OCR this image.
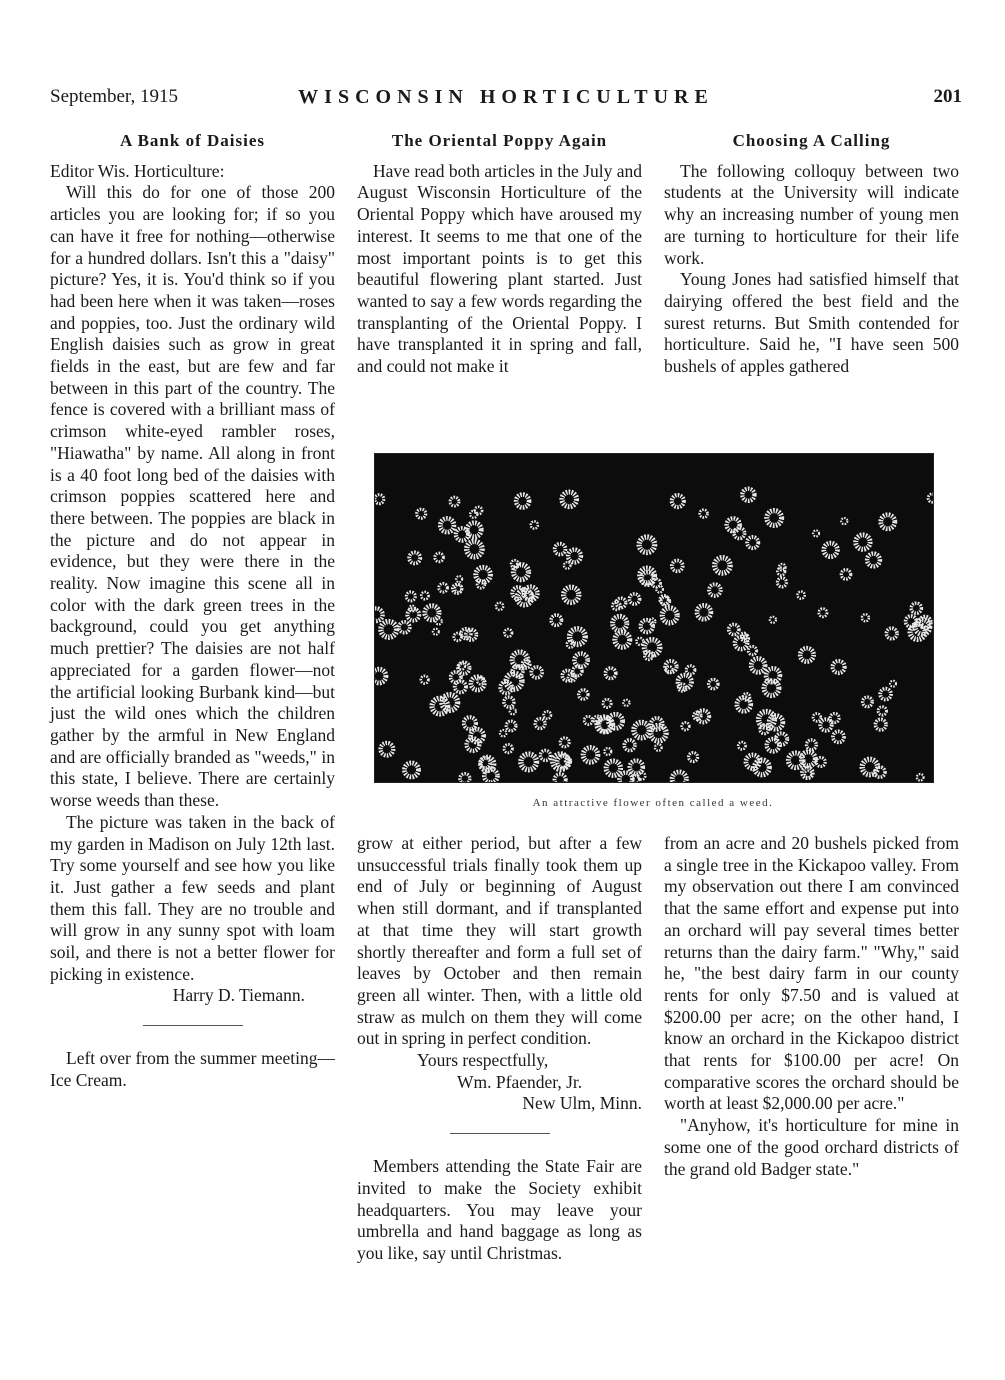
September, 1915	WISCONSIN HORTICULTURE	201
A Bank of Daisies

Editor Wis. Horticulture:

Will this do for one of those 200 articles you are looking for; if so you can have it free for nothing—otherwise for a hundred dollars. Isn't this a "daisy" picture? Yes, it is. You'd think so if you had been here when it was taken—roses and poppies, too. Just the ordinary wild English daisies such as grow in great fields in the east, but are few and far between in this part of the country. The fence is covered with a brilliant mass of crimson white-eyed rambler roses, "Hiawatha" by name. All along in front is a 40 foot long bed of the daisies with crimson poppies scattered here and there between. The poppies are black in the picture and do not appear in evidence, but they were there in the reality. Now imagine this scene all in color with the dark green trees in the background, could you get anything much prettier? The daisies are not half appreciated for a garden flower—not the artificial looking Burbank kind—but just the wild ones which the children gather by the armful in New England and are officially branded as "weeds," in this state, I believe. There are certainly worse weeds than these.

The picture was taken in the back of my garden in Madison on July 12th last. Try some yourself and see how you like it. Just gather a few seeds and plant them this fall. They are no trouble and will grow in any sunny spot with loam soil, and there is not a better flower for picking in existence.

Harry D. Tiemann.

Left over from the summer meeting—Ice Cream.

The Oriental Poppy Again

Have read both articles in the July and August Wisconsin Horticulture of the Oriental Poppy which have aroused my interest. It seems to me that one of the most important points is to get this beautiful flowering plant started. Just wanted to say a few words regarding the transplanting of the Oriental Poppy. I have transplanted it in spring and fall, and could not make it

Choosing A Calling

The following colloquy between two students at the University will indicate why an increasing number of young men are turning to horticulture for their life work.

Young Jones had satisfied himself that dairying offered the best field and the surest returns. But Smith contended for horticulture. Said he, "I have seen 500 bushels of apples gathered

An attractive flower often called a weed.

grow at either period, but after a few unsuccessful trials finally took them up end of July or beginning of August when still dormant, and if transplanted at that time they will start growth shortly thereafter and form a full set of leaves by October and then remain green all winter. Then, with a little old straw as mulch on them they will come out in spring in perfect condition.

Yours respectfully,

Wm. Pfaender, Jr.

New Ulm, Minn.

Members attending the State Fair are invited to make the Society exhibit headquarters. You may leave your umbrella and hand baggage as long as you like, say until Christmas.

from an acre and 20 bushels picked from a single tree in the Kickapoo valley. From my observation out there I am convinced that the same effort and expense put into an orchard will pay several times better returns than the dairy farm." "Why," said he, "the best dairy farm in our county rents for only $7.50 and is valued at $200.00 per acre; on the other hand, I know an orchard in the Kickapoo district that rents for $100.00 per acre! On comparative scores the orchard should be worth at least $2,000.00 per acre."

"Anyhow, it's horticulture for mine in some one of the good orchard districts of the grand old Badger state."
